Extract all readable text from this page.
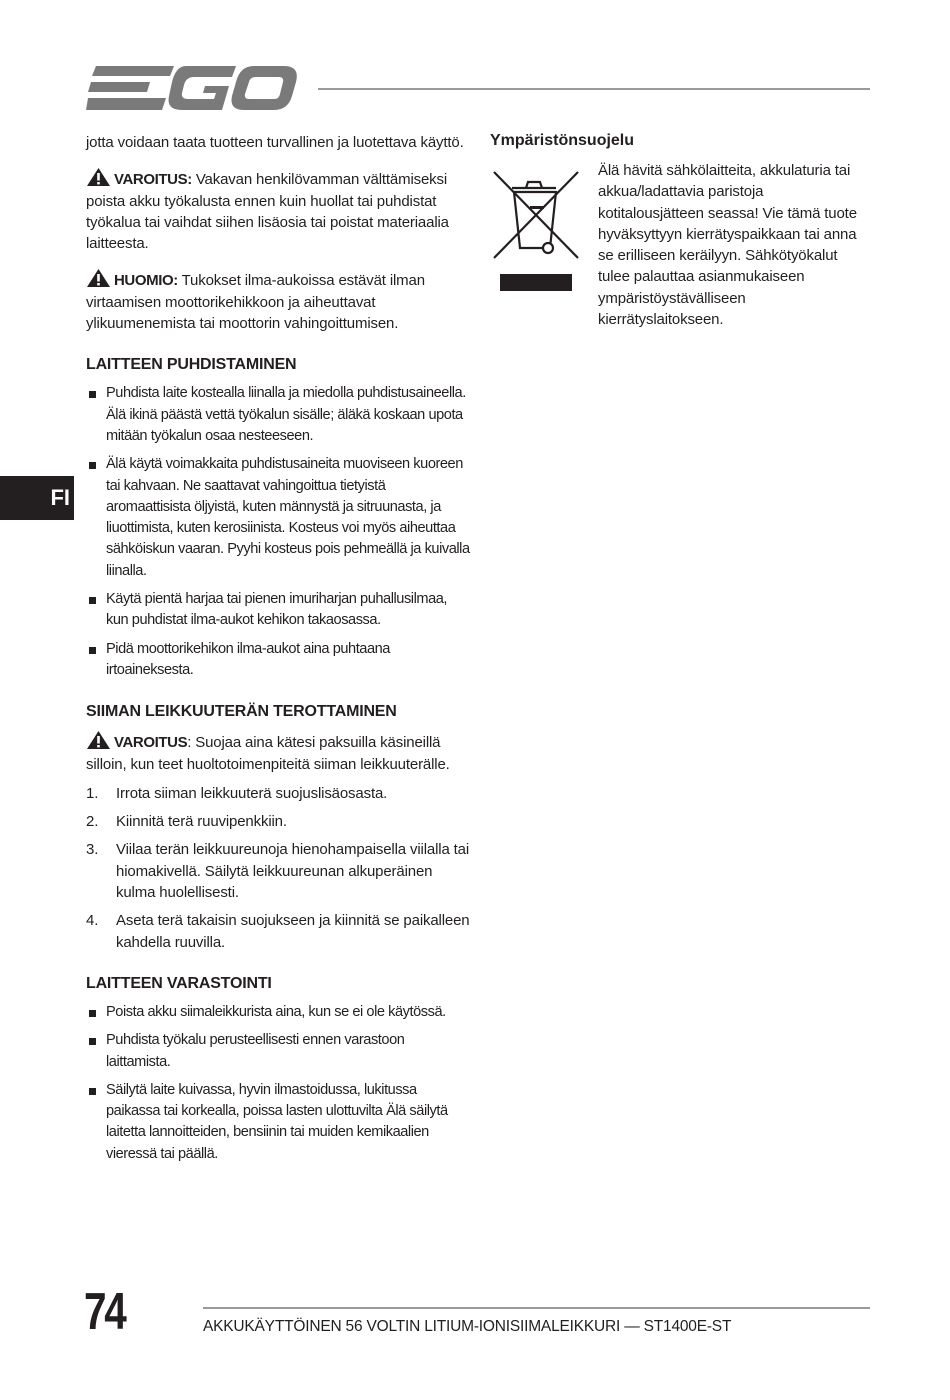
FI

jotta voidaan taata tuotteen turvallinen ja luotettava käyttö.

VAROITUS: Vakavan henkilövamman välttämiseksi poista akku työkalusta ennen kuin huollat tai puhdistat työkalua tai vaihdat siihen lisäosia tai poistat materiaalia laitteesta.

HUOMIO: Tukokset ilma-aukoissa estävät ilman virtaamisen moottorikehikkoon ja aiheuttavat ylikuumenemista tai moottorin vahingoittumisen.

LAITTEEN PUHDISTAMINEN
Puhdista laite kostealla liinalla ja miedolla puhdistusaineella. Älä ikinä päästä vettä työkalun sisälle; äläkä koskaan upota mitään työkalun osaa nesteeseen.
Älä käytä voimakkaita puhdistusaineita muoviseen kuoreen tai kahvaan. Ne saattavat vahingoittua tietyistä aromaattisista öljyistä, kuten männystä ja sitruunasta, ja liuottimista, kuten kerosiinista. Kosteus voi myös aiheuttaa sähköiskun vaaran. Pyyhi kosteus pois pehmeällä ja kuivalla liinalla.
Käytä pientä harjaa tai pienen imuriharjan puhallusilmaa, kun puhdistat ilma-aukot kehikon takaosassa.
Pidä moottorikehikon ilma-aukot aina puhtaana irtoaineksesta.
SIIMAN LEIKKUUTERÄN TEROTTAMINEN

VAROITUS: Suojaa aina kätesi paksuilla käsineillä silloin, kun teet huoltotoimenpiteitä siiman leikkuuterälle.

1. Irrota siiman leikkuuterä suojuslisäosasta.
2. Kiinnitä terä ruuvipenkkiin.
3. Viilaa terän leikkuureunoja hienohampaisella viilalla tai hiomakivellä. Säilytä leikkuureunan alkuperäinen kulma huolellisesti.
4. Aseta terä takaisin suojukseen ja kiinnitä se paikalleen kahdella ruuvilla.
LAITTEEN VARASTOINTI
Poista akku siimaleikkurista aina, kun se ei ole käytössä.
Puhdista työkalu perusteellisesti ennen varastoon laittamista.
Säilytä laite kuivassa, hyvin ilmastoidussa, lukitussa paikassa tai korkealla, poissa lasten ulottuvilta Älä säilytä laitetta lannoitteiden, bensiinin tai muiden kemikaalien vieressä tai päällä.
Ympäristönsuojelu

Älä hävitä sähkölaitteita, akkulaturia tai akkua/ladattavia paristoja kotitalousjätteen seassa! Vie tämä tuote hyväksyttyyn kierrätyspaikkaan tai anna se erilliseen keräilyyn. Sähkötyökalut tulee palauttaa asianmukaiseen ympäristöystävälliseen kierrätyslaitokseen.

74	AKKUKÄYTTÖINEN 56 VOLTIN LITIUM-IONISIIMALEIKKURI — ST1400E-ST
